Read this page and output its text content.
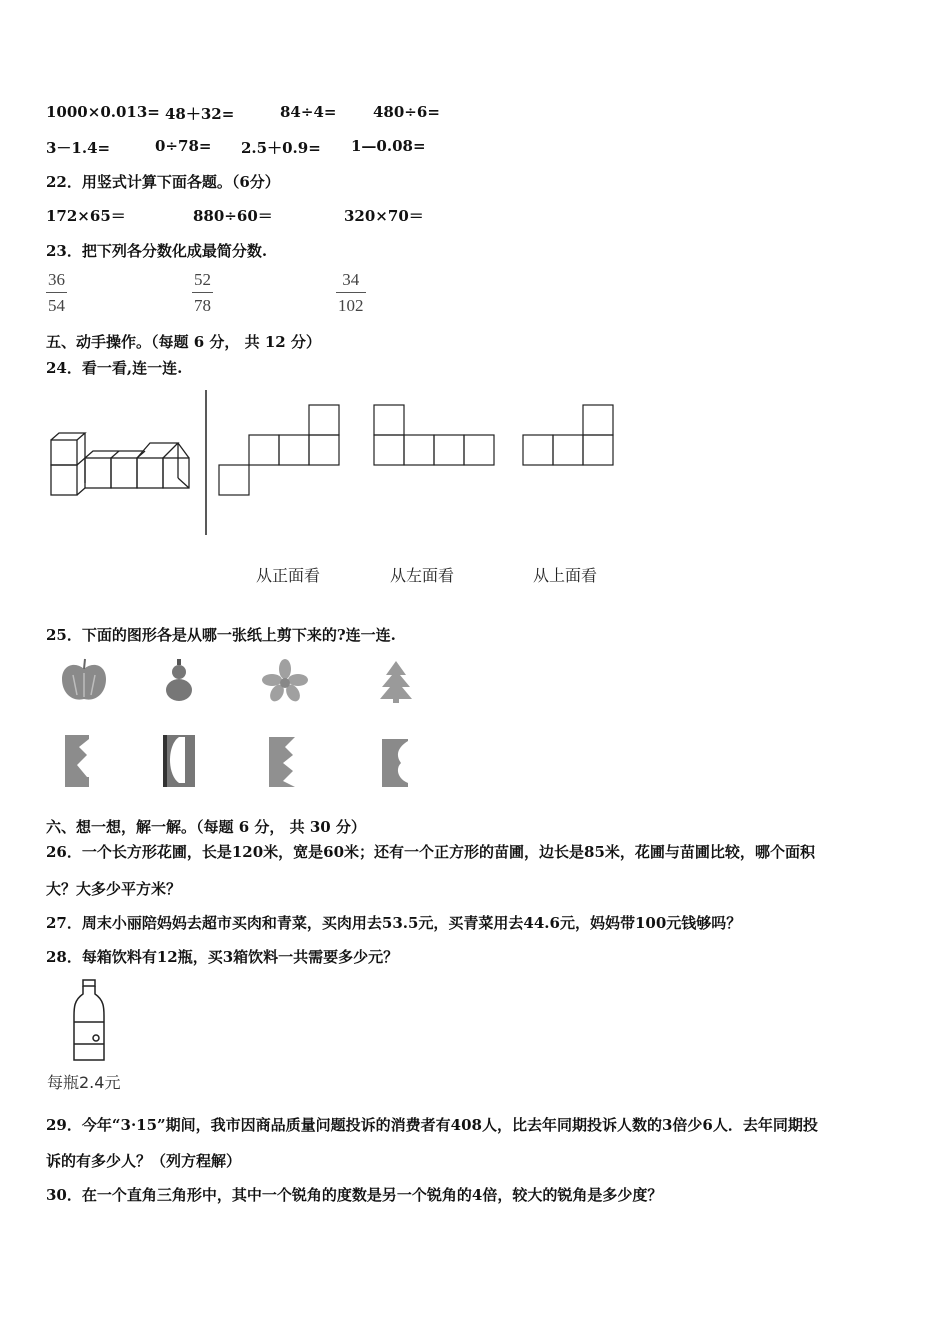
1000×0.013= 48＋32=	84÷4= 480÷6=
3－1.4=	0÷78= 2.5＋0.9= 1—0.08=
22．用竖式计算下面各题。（6分）
172×65＝	880÷60＝	320×70＝
23．把下列各分数化成最简分数.
36
54
52
78
34
102
五、动手操作。（每题 6 分， 共 12 分）
24．看一看,连一连.
从正面看	从左面看	从上面看
25．下面的图形各是从哪一张纸上剪下来的?连一连.
六、想一想，解一解。（每题 6 分， 共 30 分）
26．一个长方形花圃，长是120米，宽是60米；还有一个正方形的苗圃，边长是85米，花圃与苗圃比较，哪个面积
大？大多少平方米？
27．周末小丽陪妈妈去超市买肉和青菜，买肉用去53.5元，买青菜用去44.6元，妈妈带100元钱够吗？
28．每箱饮料有12瓶，买3箱饮料一共需要多少元？
每瓶2.4元
29．今年“3·15”期间，我市因商品质量问题投诉的消费者有408人，比去年同期投诉人数的3倍少6人．去年同期投
诉的有多少人？（列方程解）
30．在一个直角三角形中，其中一个锐角的度数是另一个锐角的4倍，较大的锐角是多少度？
